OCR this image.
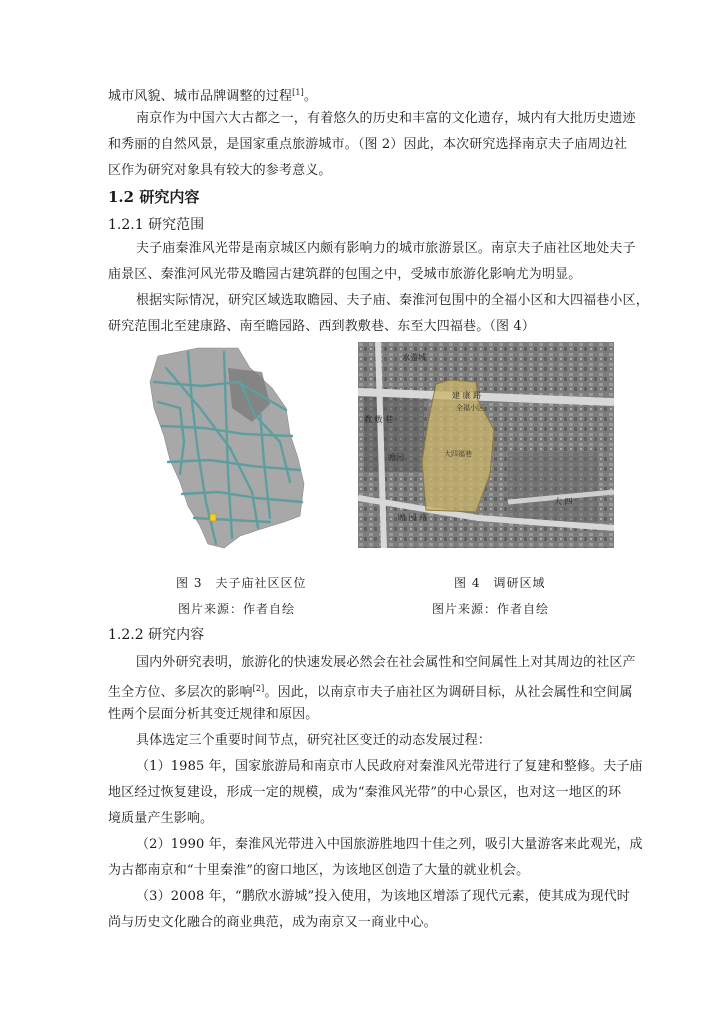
城市风貌、城市品牌调整的过程[1]。
南京作为中国六大古都之一，有着悠久的历史和丰富的文化遗存，城内有大批历史遗迹
和秀丽的自然风景，是国家重点旅游城市。（图 2）因此，本次研究选择南京夫子庙周边社
区作为研究对象具有较大的参考意义。
1.2 研究内容
1.2.1 研究范围
夫子庙秦淮风光带是南京城区内颇有影响力的城市旅游景区。南京夫子庙社区地处夫子
庙景区、秦淮河风光带及瞻园古建筑群的包围之中，受城市旅游化影响尤为明显。
根据实际情况，研究区域选取瞻园、夫子庙、秦淮河包围中的全福小区和大四福巷小区，
研究范围北至建康路、南至瞻园路、西到教敷巷、东至大四福巷。（图 4）
全福小区
大四福巷
建 康 路
水游城
瞻园
瞻 园 路
大 四
教 敷 巷
图 3　夫子庙社区区位	图 4　调研区域
图片来源：作者自绘	图片来源：作者自绘
1.2.2 研究内容
国内外研究表明，旅游化的快速发展必然会在社会属性和空间属性上对其周边的社区产
生全方位、多层次的影响[2]。因此，以南京市夫子庙社区为调研目标，从社会属性和空间属
性两个层面分析其变迁规律和原因。
具体选定三个重要时间节点，研究社区变迁的动态发展过程：
（1）1985 年，国家旅游局和南京市人民政府对秦淮风光带进行了复建和整修。夫子庙
地区经过恢复建设，形成一定的规模，成为“秦淮风光带”的中心景区，也对这一地区的环
境质量产生影响。
（2）1990 年，秦淮风光带进入中国旅游胜地四十佳之列，吸引大量游客来此观光，成
为古都南京和“十里秦淮”的窗口地区，为该地区创造了大量的就业机会。
（3）2008 年，“鹏欣水游城”投入使用，为该地区增添了现代元素，使其成为现代时
尚与历史文化融合的商业典范，成为南京又一商业中心。
